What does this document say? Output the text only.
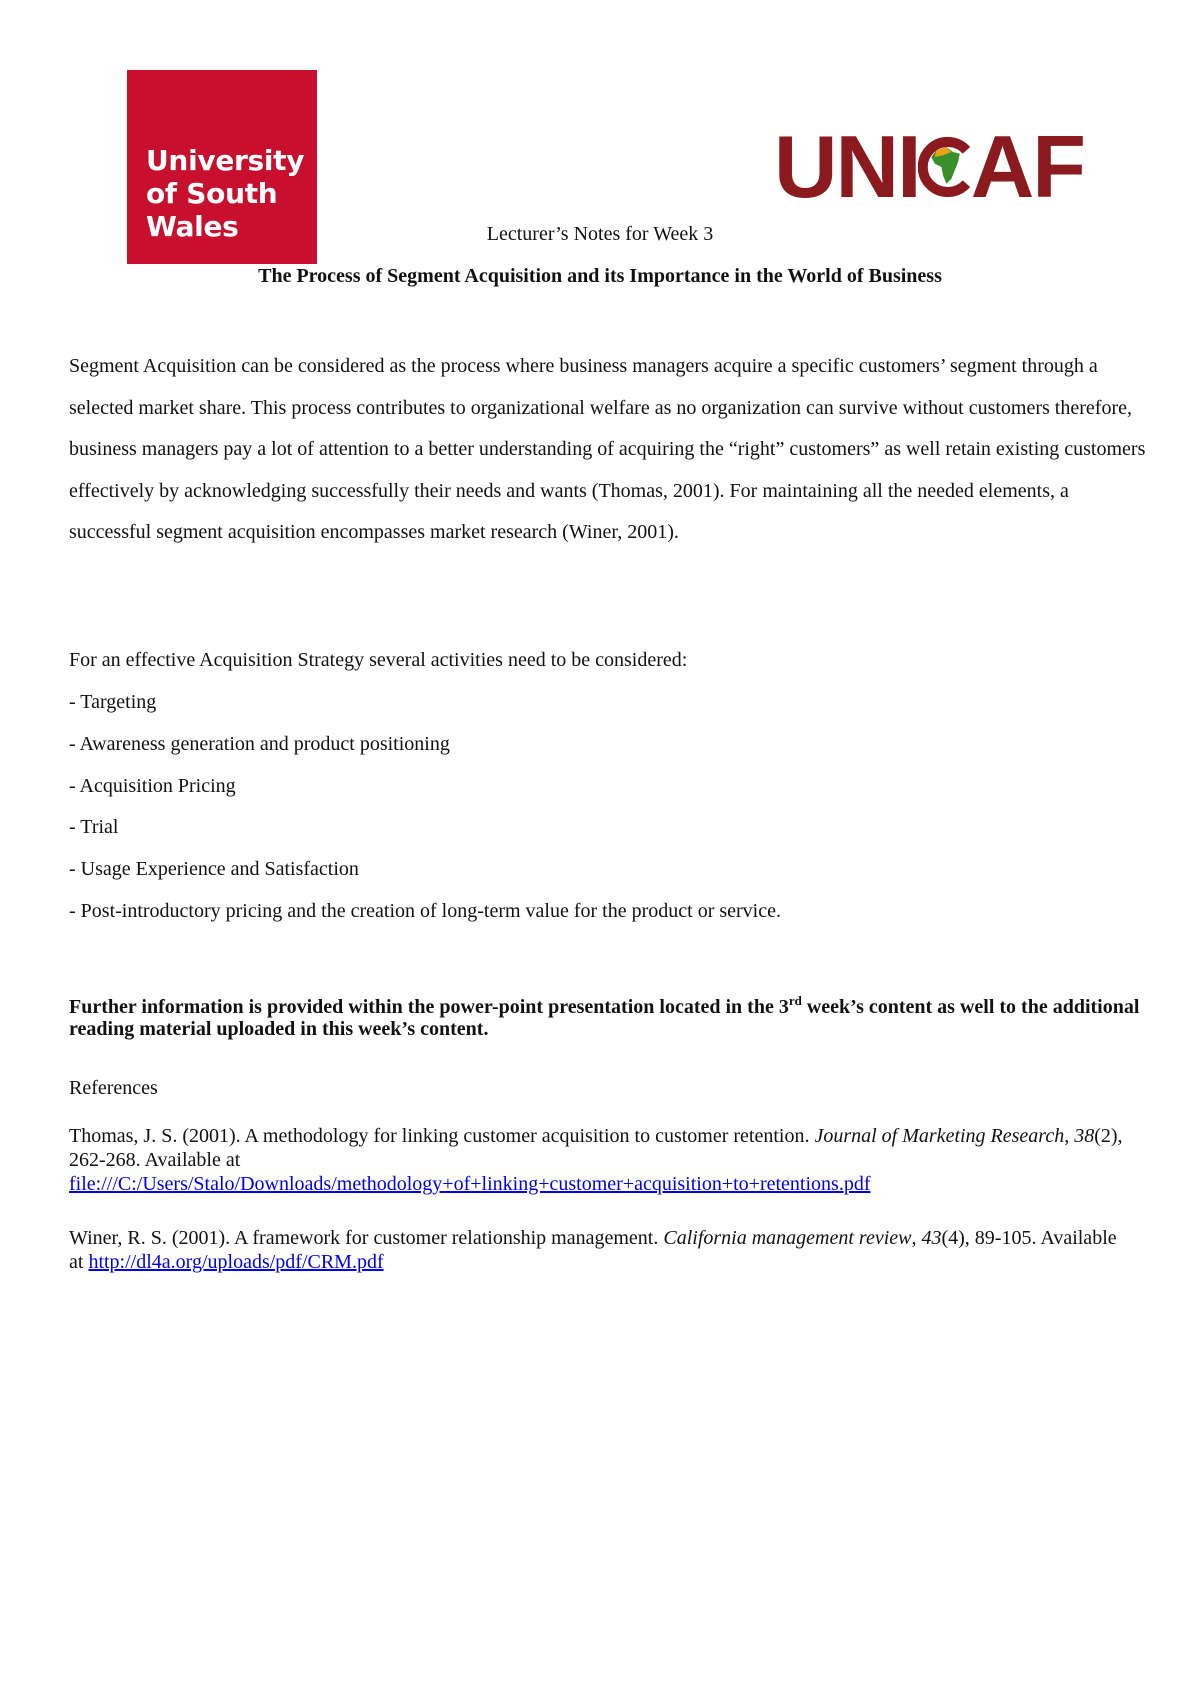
University
of South
Wales
UNI AF

Lecturer’s Notes for Week 3

The Process of Segment Acquisition and its Importance in the World of Business

Segment Acquisition can be considered as the process where business managers acquire a specific customers’ segment through a selected market share. This process contributes to organizational welfare as no organization can survive without customers therefore, business managers pay a lot of attention to a better understanding of acquiring the “right” customers” as well retain existing customers effectively by acknowledging successfully their needs and wants (Thomas, 2001). For maintaining all the needed elements, a successful segment acquisition encompasses market research (Winer, 2001).

For an effective Acquisition Strategy several activities need to be considered:

- Targeting
- Awareness generation and product positioning
- Acquisition Pricing
- Trial
- Usage Experience and Satisfaction
- Post-introductory pricing and the creation of long-term value for the product or service.

Further information is provided within the power-point presentation located in the 3rd week’s content as well to the additional reading material uploaded in this week’s content.

References

Thomas, J. S. (2001). A methodology for linking customer acquisition to customer retention. Journal of Marketing Research, 38(2), 262-268. Available at
file:///C:/Users/Stalo/Downloads/methodology+of+linking+customer+acquisition+to+retentions.pdf

Winer, R. S. (2001). A framework for customer relationship management. California management review, 43(4), 89-105. Available at http://dl4a.org/uploads/pdf/CRM.pdf
